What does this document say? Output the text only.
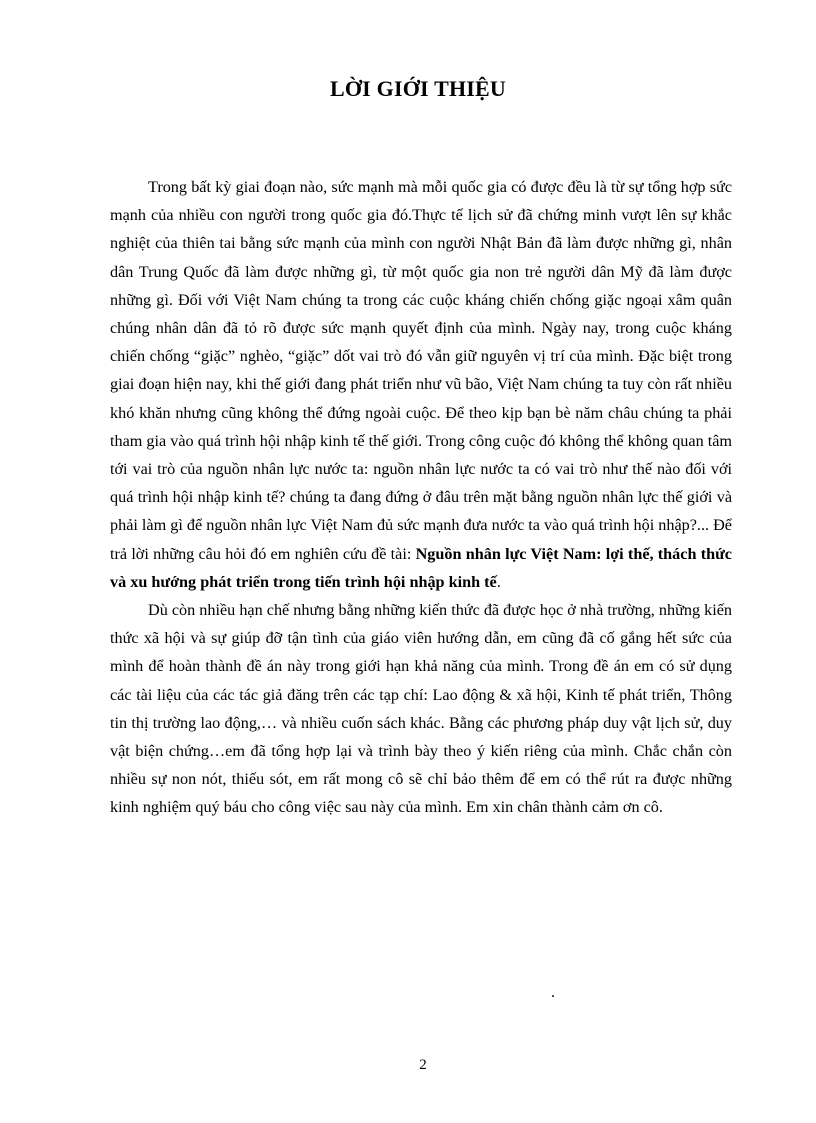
LỜI GIỚI THIỆU

Trong bất kỳ giai đoạn nào, sức mạnh mà mỗi quốc gia có được đều là từ sự tổng hợp sức mạnh của nhiều con người trong quốc gia đó.Thực tế lịch sử đã chứng minh vượt lên sự khắc nghiệt của thiên tai bằng sức mạnh của mình con người Nhật Bản đã làm được những gì, nhân dân Trung Quốc đã làm được những gì, từ một quốc gia non trẻ người dân Mỹ đã làm được những gì. Đối với Việt Nam chúng ta trong các cuộc kháng chiến chống giặc ngoại xâm quân chúng nhân dân đã tỏ rõ được sức mạnh quyết định của mình. Ngày nay, trong cuộc kháng chiến chống “giặc” nghèo, “giặc” dốt vai trò đó vẫn giữ nguyên vị trí của mình. Đặc biệt trong giai đoạn hiện nay, khi thế giới đang phát triển như vũ bão, Việt Nam chúng ta tuy còn rất nhiều khó khăn nhưng cũng không thể đứng ngoài cuộc. Để theo kịp bạn bè năm châu chúng ta phải tham gia vào quá trình hội nhập kinh tế thế giới. Trong công cuộc đó không thể không quan tâm tới vai trò của nguồn nhân lực nước ta: nguồn nhân lực nước ta có vai trò như thế nào đối với quá trình hội nhập kinh tế? chúng ta đang đứng ở đâu trên mặt bằng nguồn nhân lực thế giới và phải làm gì để nguồn nhân lực Việt Nam đủ sức mạnh đưa nước ta vào quá trình hội nhập?... Để trả lời những câu hỏi đó em nghiên cứu đề tài: Nguồn nhân lực Việt Nam: lợi thế, thách thức và xu hướng phát triển trong tiến trình hội nhập kinh tế.

Dù còn nhiều hạn chế nhưng bằng những kiến thức đã được học ở nhà trường, những kiến thức xã hội và sự giúp đỡ tận tình của giáo viên hướng dẫn, em cũng đã cố gắng hết sức của mình để hoàn thành đề án này trong giới hạn khả năng của mình. Trong đề án em có sử dụng các tài liệu của các tác giả đăng trên các tạp chí: Lao động & xã hội, Kinh tế phát triển, Thông tin thị trường lao động,… và nhiều cuốn sách khác. Bằng các phương pháp duy vật lịch sử, duy vật biện chứng…em đã tổng hợp lại và trình bày theo ý kiến riêng của mình. Chắc chắn còn nhiều sự non nót, thiếu sót, em rất mong cô sẽ chỉ bảo thêm để em có thể rút ra được những kinh nghiệm quý báu cho công việc sau này của mình. Em xin chân thành cảm ơn cô.

.
2
